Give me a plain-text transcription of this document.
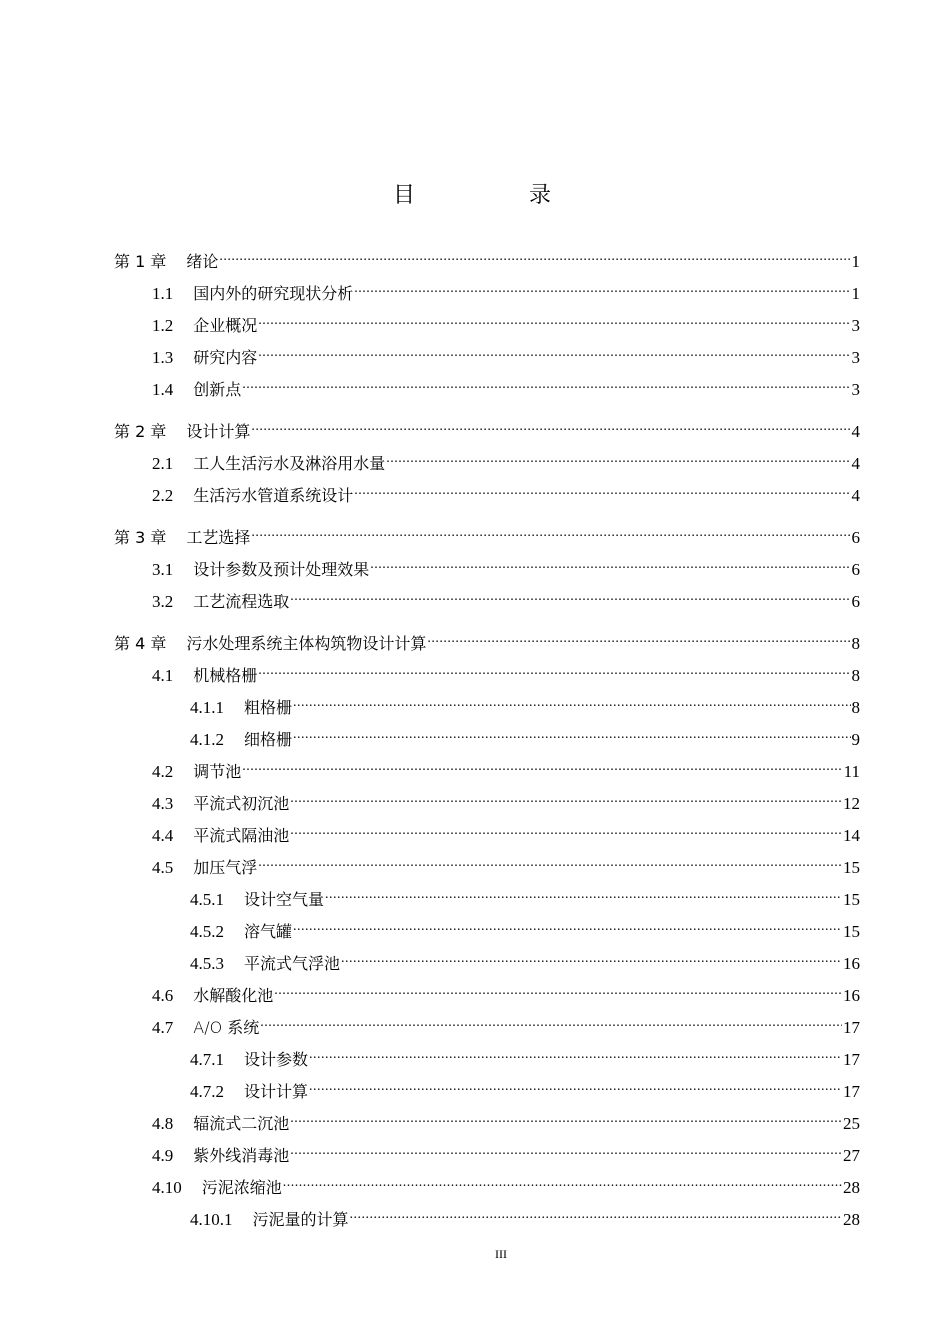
目　录
第 1 章 绪论 .....	1
1.1 国内外的研究现状分析 .....	1
1.2 企业概况 .....	3
1.3 研究内容 .....	3
1.4 创新点 .....	3
第 2 章 设计计算 .....	4
2.1 工人生活污水及淋浴用水量 .....	4
2.2 生活污水管道系统设计 .....	4
第 3 章 工艺选择 .....	6
3.1 设计参数及预计处理效果 .....	6
3.2 工艺流程选取 .....	6
第 4 章 污水处理系统主体构筑物设计计算 .....	8
4.1 机械格栅 .....	8
4.1.1 粗格栅 .....	8
4.1.2 细格栅 .....	9
4.2 调节池 .....	11
4.3 平流式初沉池 .....	12
4.4 平流式隔油池 .....	14
4.5 加压气浮 .....	15
4.5.1 设计空气量 .....	15
4.5.2 溶气罐 .....	15
4.5.3 平流式气浮池 .....	16
4.6 水解酸化池 .....	16
4.7 A/O 系统 .....	17
4.7.1 设计参数 .....	17
4.7.2 设计计算 .....	17
4.8 辐流式二沉池 .....	25
4.9 紫外线消毒池 .....	27
4.10 污泥浓缩池 .....	28
4.10.1 污泥量的计算 .....	28
III
